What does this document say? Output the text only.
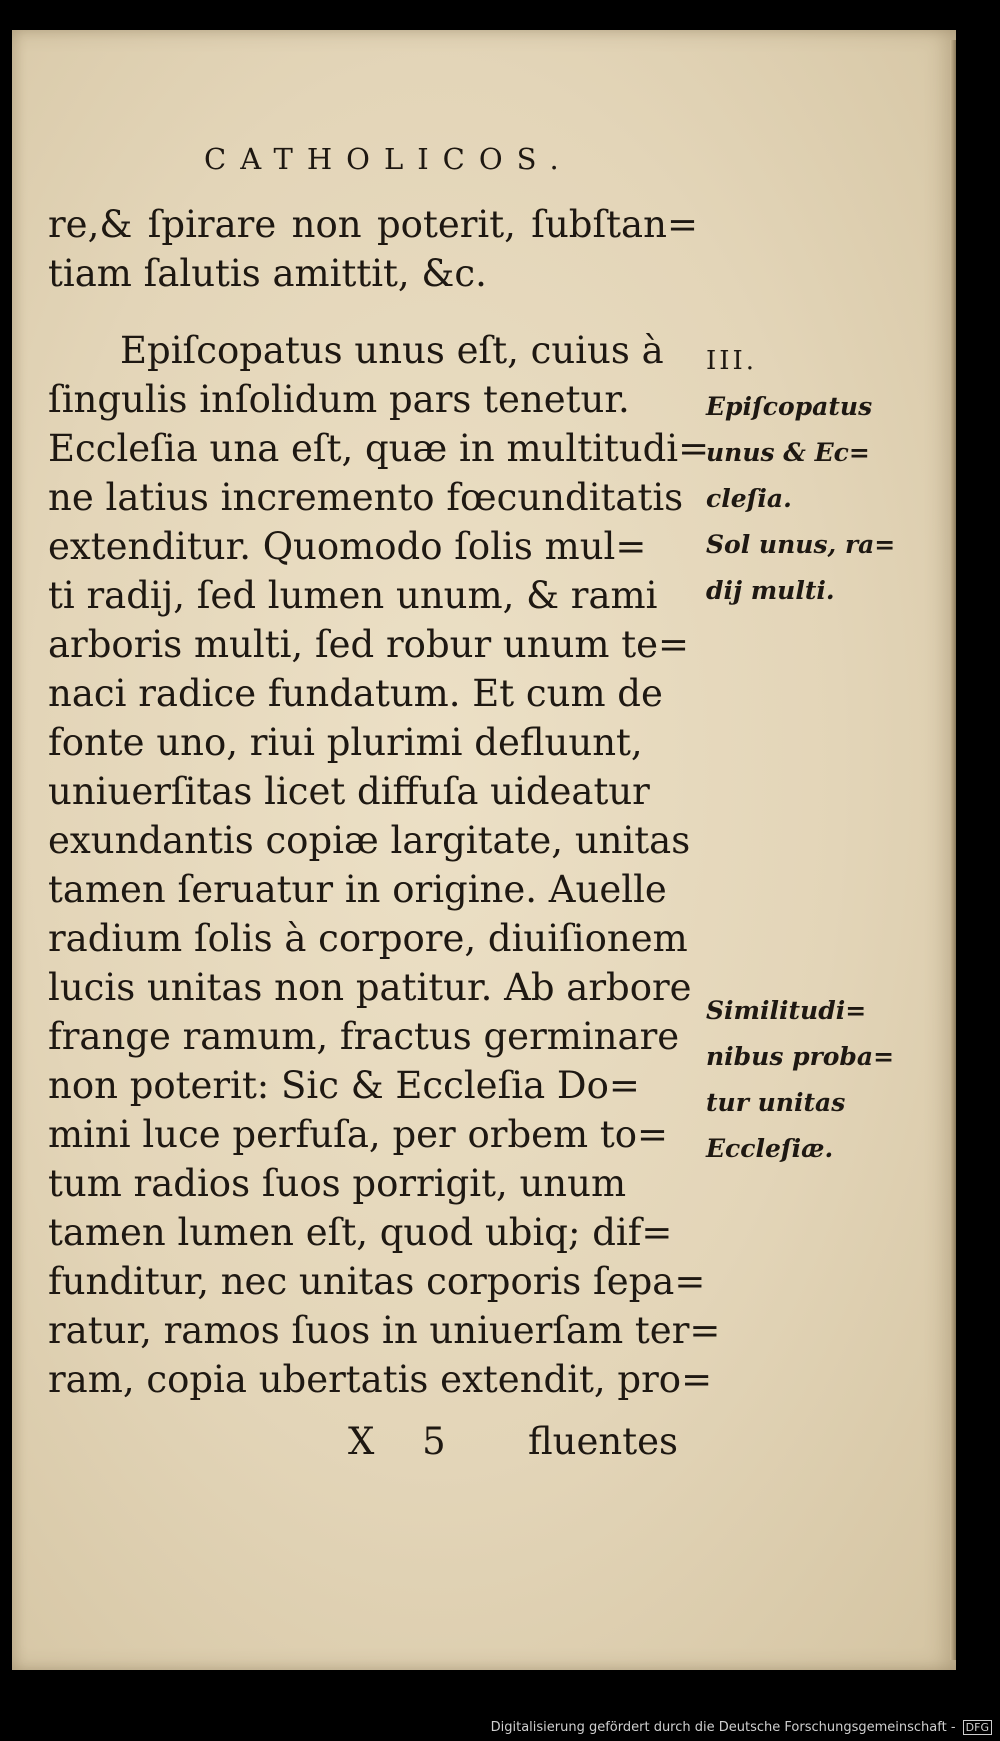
CATHOLICOS.
re,& ſpirare non poterit, ſubſtan=
tiam ſalutis amittit, &c.
Epiſcopatus unus eſt, cuius à
ſingulis inſolidum pars tenetur.
Eccleſia una eſt, quæ in multitudi=
ne latius incremento fœcunditatis
extenditur. Quomodo ſolis mul=
ti radij, ſed lumen unum, & rami
arboris multi, ſed robur unum te=
naci radice fundatum. Et cum de
fonte uno, riui plurimi defluunt,
uniuerſitas licet diffuſa uideatur
exundantis copiæ largitate, unitas
tamen ſeruatur in origine. Auelle
radium ſolis à corpore, diuiſionem
lucis unitas non patitur. Ab arbore
frange ramum, fractus germinare
non poterit: Sic & Eccleſia Do=
mini luce perfuſa, per orbem to=
tum radios ſuos porrigit, unum
tamen lumen eſt, quod ubiq; dif=
funditur, nec unitas corporis ſepa=
ratur, ramos ſuos in uniuerſam ter=
ram, copia ubertatis extendit, pro=
III.
Epiſcopatus
unus & Ec=
cleſia.
Sol unus, ra=
dij multi.
Similitudi=
nibus proba=
tur unitas
Eccleſiæ.
X 5 fluentes
Digitalisierung gefördert durch die Deutsche Forschungsgemeinschaft - DFG
